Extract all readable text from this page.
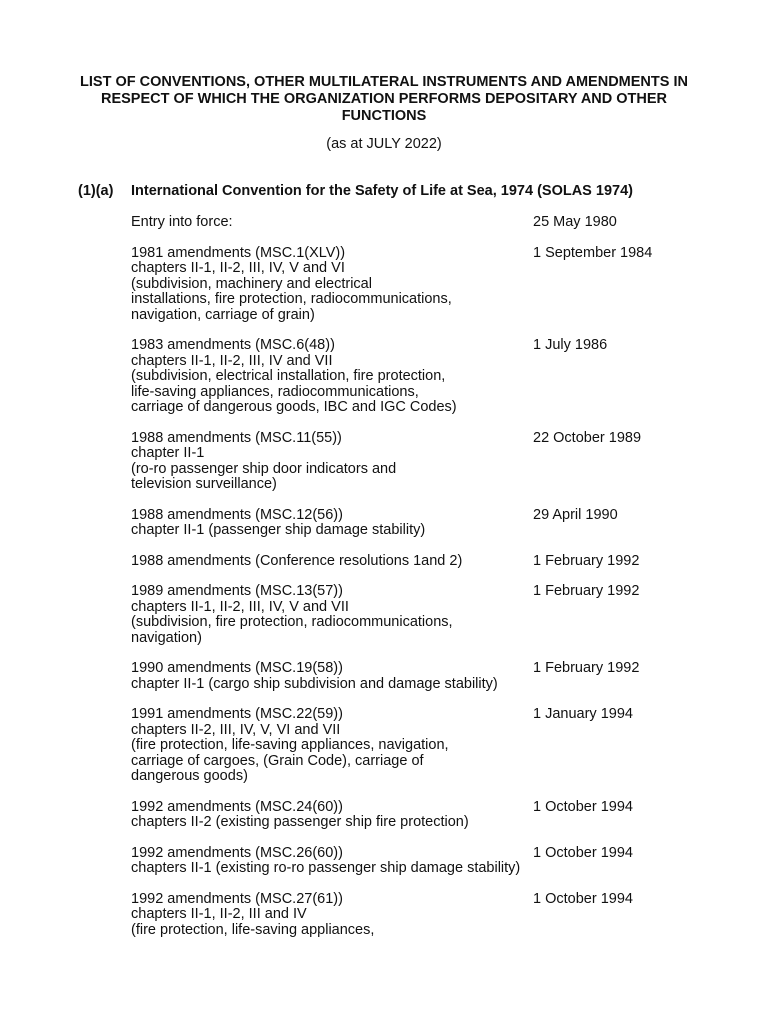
LIST OF CONVENTIONS, OTHER MULTILATERAL INSTRUMENTS AND AMENDMENTS IN
RESPECT OF WHICH THE ORGANIZATION PERFORMS DEPOSITARY AND OTHER
FUNCTIONS
(as at JULY 2022)
(1)(a) International Convention for the Safety of Life at Sea, 1974 (SOLAS 1974)
Entry into force:	25 May 1980
1981 amendments (MSC.1(XLV))
chapters II-1, II-2, III, IV, V and VI
(subdivision, machinery and electrical
installations, fire protection, radiocommunications,
navigation, carriage of grain)
1 September 1984
1983 amendments (MSC.6(48))
chapters II-1, II-2, III, IV and VII
(subdivision, electrical installation, fire protection,
life-saving appliances, radiocommunications,
carriage of dangerous goods, IBC and IGC Codes)
1 July 1986
1988 amendments (MSC.11(55))
chapter II-1
(ro-ro passenger ship door indicators and
television surveillance)
22 October 1989
1988 amendments (MSC.12(56))
chapter II-1 (passenger ship damage stability)
29 April 1990
1988 amendments (Conference resolutions 1and 2)	1 February 1992
1989 amendments (MSC.13(57))
chapters II-1, II-2, III, IV, V and VII
(subdivision, fire protection, radiocommunications,
navigation)
1 February 1992
1990 amendments (MSC.19(58))
chapter II-1 (cargo ship subdivision and damage stability)
1 February 1992
1991 amendments (MSC.22(59))
chapters II-2, III, IV, V, VI and VII
(fire protection, life-saving appliances, navigation,
carriage of cargoes, (Grain Code), carriage of
dangerous goods)
1 January 1994
1992 amendments (MSC.24(60))
chapters II-2 (existing passenger ship fire protection)
1 October 1994
1992 amendments (MSC.26(60))
chapters II-1 (existing ro-ro passenger ship damage stability)
1 October 1994
1992 amendments (MSC.27(61))
chapters II-1, II-2, III and IV
(fire protection, life-saving appliances,
1 October 1994
